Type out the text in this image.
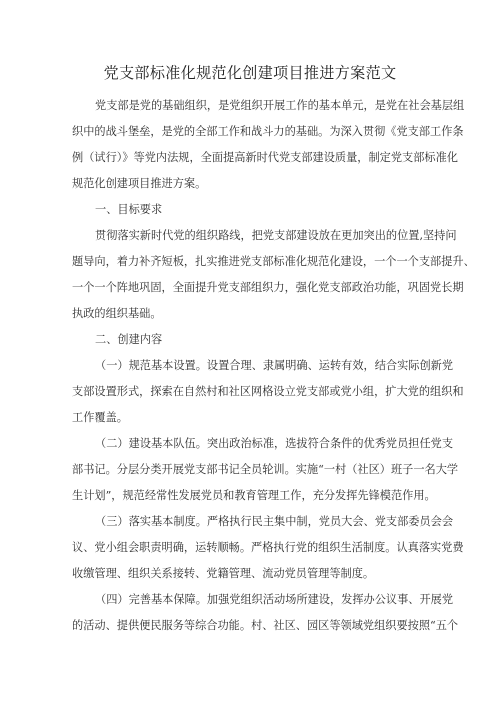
党支部标准化规范化创建项目推进方案范文
党支部是党的基础组织，是党组织开展工作的基本单元，是党在社会基层组
织中的战斗堡垒，是党的全部工作和战斗力的基础。为深入贯彻《党支部工作条
例（试行）》等党内法规，全面提高新时代党支部建设质量，制定党支部标准化
规范化创建项目推进方案。
一、目标要求
贯彻落实新时代党的组织路线，把党支部建设放在更加突出的位置,坚持问
题导向，着力补齐短板，扎实推进党支部标准化规范化建设，一个一个支部提升、
一个一个阵地巩固，全面提升党支部组织力，强化党支部政治功能，巩固党长期
执政的组织基础。
二、创建内容
（一）规范基本设置。设置合理、隶属明确、运转有效，结合实际创新党
支部设置形式，探索在自然村和社区网格设立党支部或党小组，扩大党的组织和
工作覆盖。
（二）建设基本队伍。突出政治标准，选拔符合条件的优秀党员担任党支
部书记。分层分类开展党支部书记全员轮训。实施“一村（社区）班子一名大学
生计划”，规范经常性发展党员和教育管理工作，充分发挥先锋模范作用。
（三）落实基本制度。严格执行民主集中制，党员大会、党支部委员会会
议、党小组会职责明确，运转顺畅。严格执行党的组织生活制度。认真落实党费
收缴管理、组织关系接转、党籍管理、流动党员管理等制度。
（四）完善基本保障。加强党组织活动场所建设，发挥办公议事、开展党
的活动、提供便民服务等综合功能。村、社区、园区等领域党组织要按照“五个
